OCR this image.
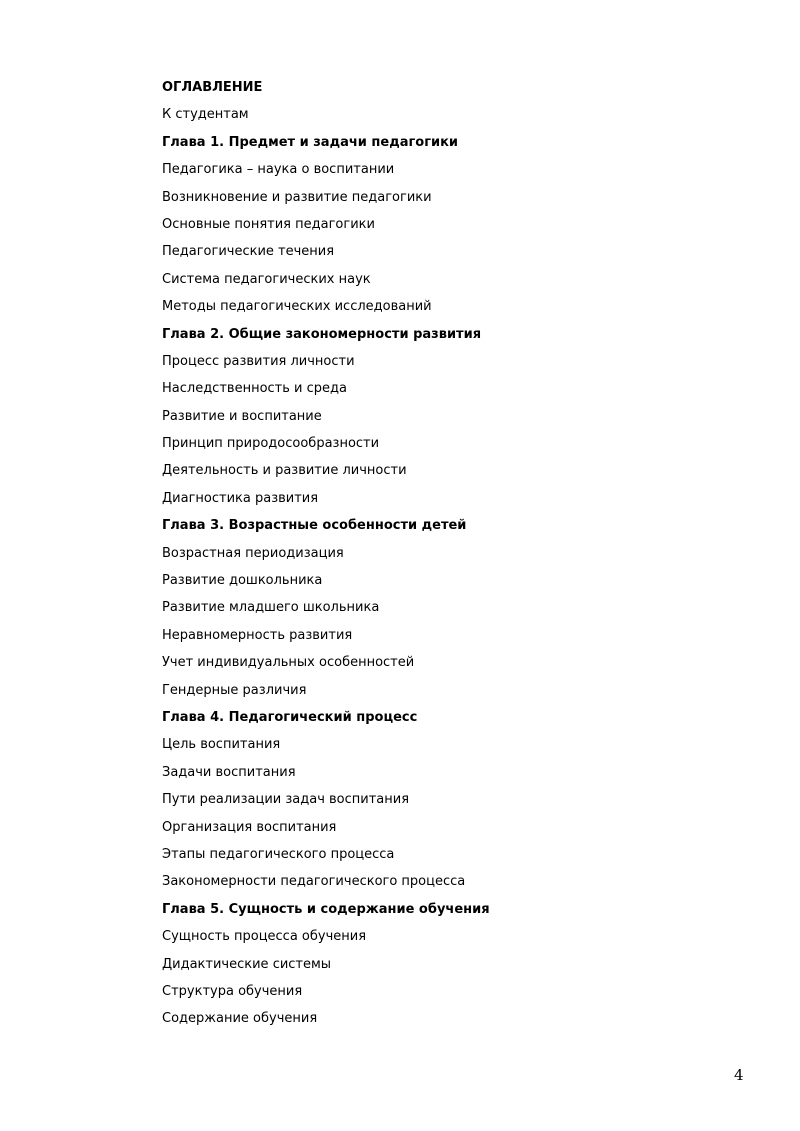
ОГЛАВЛЕНИЕ
К студентам
Глава 1. Предмет и задачи педагогики
Педагогика – наука о воспитании
Возникновение и развитие педагогики
Основные понятия педагогики
Педагогические течения
Система педагогических наук
Методы педагогических исследований
Глава 2. Общие закономерности развития
Процесс развития личности
Наследственность и среда
Развитие и воспитание
Принцип природосообразности
Деятельность и развитие личности
Диагностика развития
Глава 3. Возрастные особенности детей
Возрастная периодизация
Развитие дошкольника
Развитие младшего школьника
Неравномерность развития
Учет индивидуальных особенностей
Гендерные различия
Глава 4. Педагогический процесс
Цель воспитания
Задачи воспитания
Пути реализации задач воспитания
Организация воспитания
Этапы педагогического процесса
Закономерности педагогического процесса
Глава 5. Сущность и содержание обучения
Сущность процесса обучения
Дидактические системы
Структура обучения
Содержание обучения
4
